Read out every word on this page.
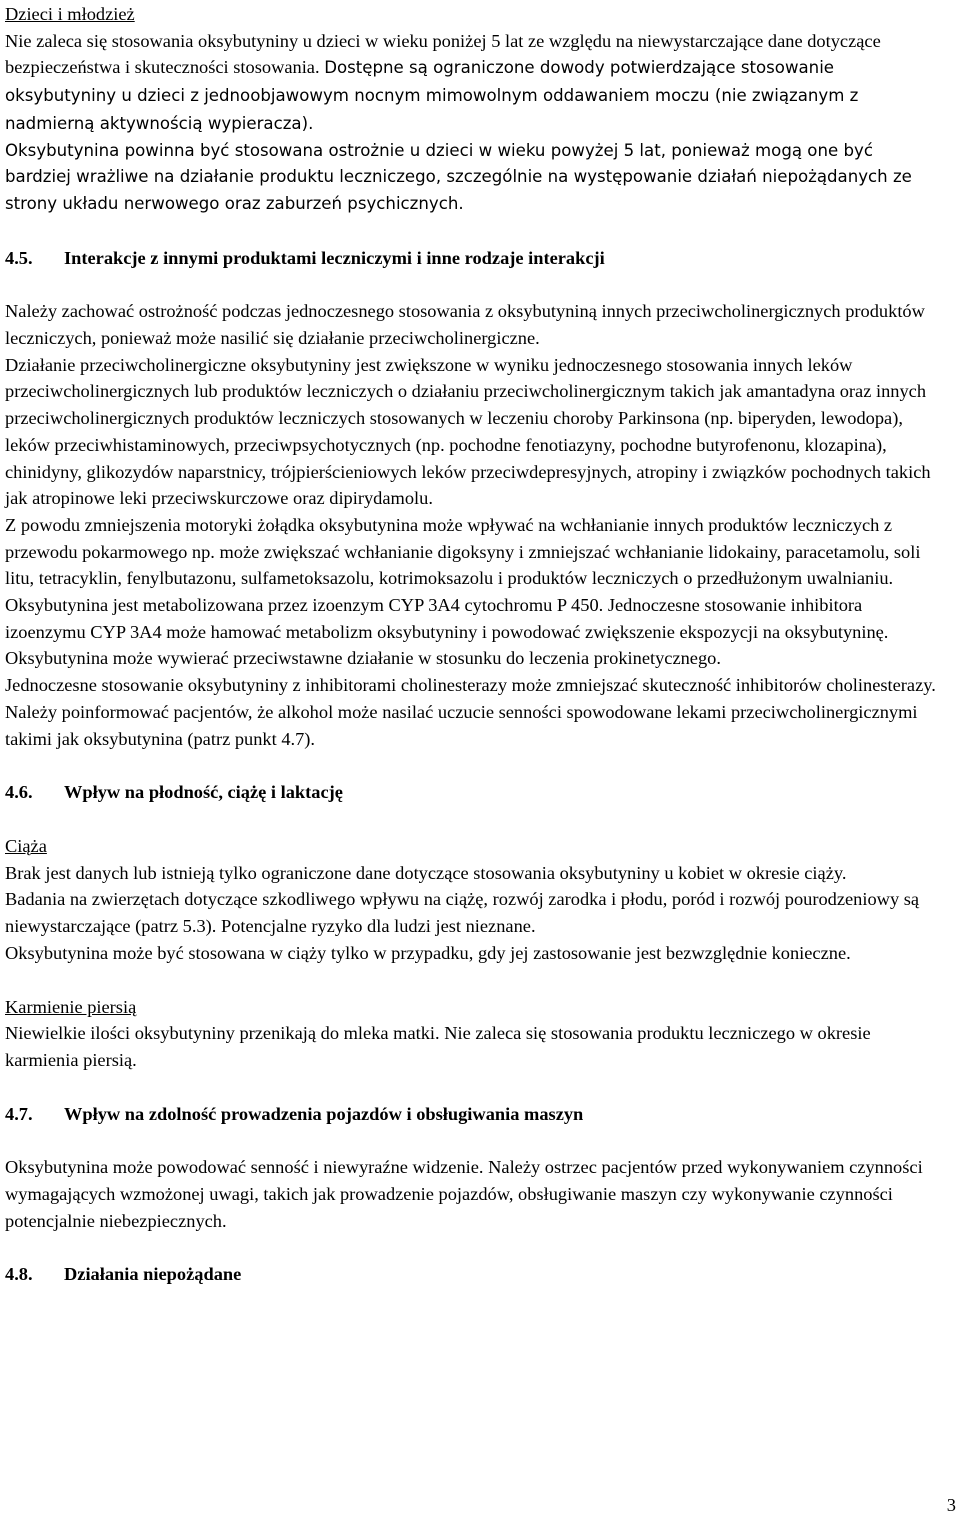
Dzieci i młodzież

Nie zaleca się stosowania oksybutyniny u dzieci w wieku poniżej 5 lat ze względu na niewystarczające dane dotyczące bezpieczeństwa i skuteczności stosowania. Dostępne są ograniczone dowody potwierdzające stosowanie oksybutyniny u dzieci z jednoobjawowym nocnym mimowolnym oddawaniem moczu (nie związanym z nadmierną aktywnością wypieracza).

Oksybutynina powinna być stosowana ostrożnie u dzieci w wieku powyżej 5 lat, ponieważ mogą one być bardziej wrażliwe na działanie produktu leczniczego, szczególnie na występowanie działań niepożądanych ze strony układu nerwowego oraz zaburzeń psychicznych.

4.5.	Interakcje z innymi produktami leczniczymi i inne rodzaje interakcji

Należy zachować ostrożność podczas jednoczesnego stosowania z oksybutyniną innych przeciwcholinergicznych produktów leczniczych, ponieważ może nasilić się działanie przeciwcholinergiczne.

Działanie przeciwcholinergiczne oksybutyniny jest zwiększone w wyniku jednoczesnego stosowania innych leków przeciwcholinergicznych lub produktów leczniczych o działaniu przeciwcholinergicznym takich jak amantadyna oraz innych przeciwcholinergicznych produktów leczniczych stosowanych w leczeniu choroby Parkinsona (np. biperyden, lewodopa), leków przeciwhistaminowych, przeciwpsychotycznych (np. pochodne fenotiazyny, pochodne butyrofenonu, klozapina), chinidyny, glikozydów naparstnicy, trójpierścieniowych leków przeciwdepresyjnych, atropiny i związków pochodnych takich jak atropinowe leki przeciwskurczowe oraz dipirydamolu.

Z powodu zmniejszenia motoryki żołądka oksybutynina może wpływać na wchłanianie innych produktów leczniczych z przewodu pokarmowego np. może zwiększać wchłanianie digoksyny i zmniejszać wchłanianie lidokainy, paracetamolu, soli litu, tetracyklin, fenylbutazonu, sulfametoksazolu, kotrimoksazolu i produktów leczniczych o przedłużonym uwalnianiu.

Oksybutynina jest metabolizowana przez izoenzym CYP 3A4 cytochromu P 450. Jednoczesne stosowanie inhibitora izoenzymu CYP 3A4 może hamować metabolizm oksybutyniny i powodować zwiększenie ekspozycji na oksybutyninę.

Oksybutynina może wywierać przeciwstawne działanie w stosunku do leczenia prokinetycznego.

Jednoczesne stosowanie oksybutyniny z inhibitorami cholinesterazy może zmniejszać skuteczność inhibitorów cholinesterazy.

Należy poinformować pacjentów, że alkohol może nasilać uczucie senności spowodowane lekami przeciwcholinergicznymi takimi jak oksybutynina (patrz punkt 4.7).

4.6.	Wpływ na płodność, ciążę i laktację

Ciąża

Brak jest danych lub istnieją tylko ograniczone dane dotyczące stosowania oksybutyniny u kobiet w okresie ciąży.

Badania na zwierzętach dotyczące szkodliwego wpływu na ciążę, rozwój zarodka i płodu, poród i rozwój pourodzeniowy są niewystarczające (patrz 5.3). Potencjalne ryzyko dla ludzi jest nieznane.

Oksybutynina może być stosowana w ciąży tylko w przypadku, gdy jej zastosowanie jest bezwzględnie konieczne.

Karmienie piersią

Niewielkie ilości oksybutyniny przenikają do mleka matki. Nie zaleca się stosowania produktu leczniczego w okresie karmienia piersią.

4.7.	Wpływ na zdolność prowadzenia pojazdów i obsługiwania maszyn

Oksybutynina może powodować senność i niewyraźne widzenie. Należy ostrzec pacjentów przed wykonywaniem czynności wymagających wzmożonej uwagi, takich jak prowadzenie pojazdów, obsługiwanie maszyn czy wykonywanie czynności potencjalnie niebezpiecznych.

4.8.	Działania niepożądane

3
